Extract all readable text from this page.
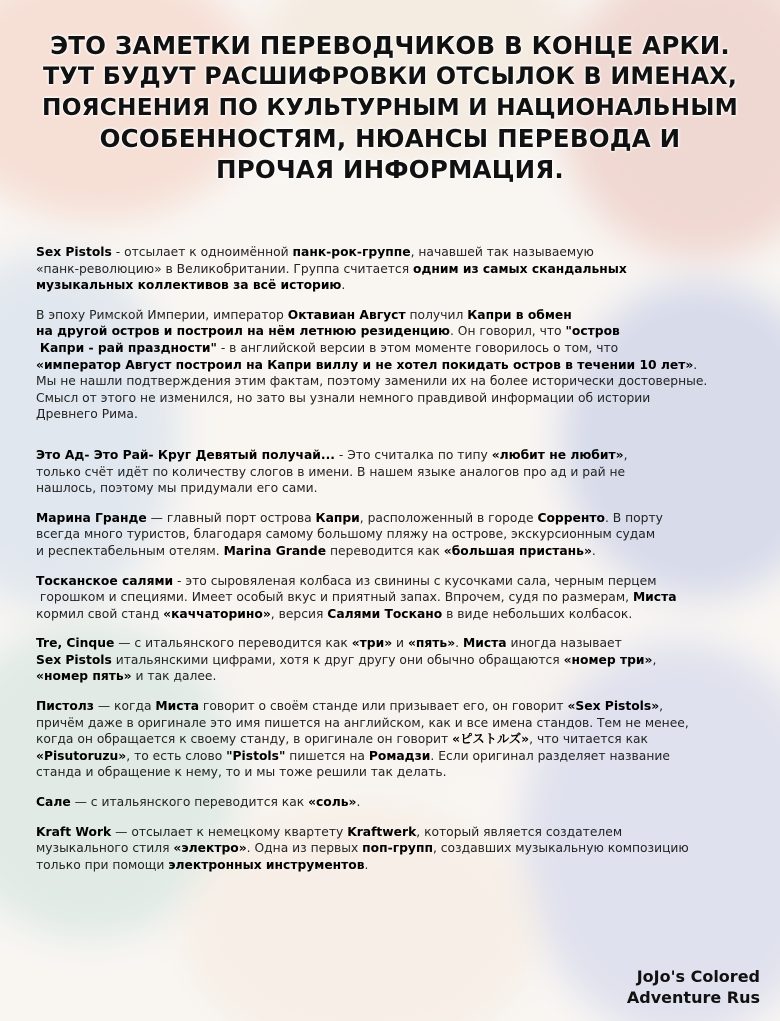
ЭТО ЗАМЕТКИ ПЕРЕВОДЧИКОВ В КОНЦЕ АРКИ.
ТУТ БУДУТ РАСШИФРОВКИ ОТСЫЛОК В ИМЕНАХ,
ПОЯСНЕНИЯ ПО КУЛЬТУРНЫМ И НАЦИОНАЛЬНЫМ
ОСОБЕННОСТЯМ, НЮАНСЫ ПЕРЕВОДА И
ПРОЧАЯ ИНФОРМАЦИЯ.
Sex Pistols - отсылает к одноимённой панк-рок-группе, начавшей так называемую
«панк-революцию» в Великобритании. Группа считается одним из самых скандальных
музыкальных коллективов за всё историю.
В эпоху Римской Империи, император Октавиан Август получил Капри в обмен
на другой остров и построил на нём летнюю резиденцию. Он говорил, что "остров
Капри - рай праздности" - в английской версии в этом моменте говорилось о том, что
«император Август построил на Капри виллу и не хотел покидать остров в течении 10 лет».
Мы не нашли подтверждения этим фактам, поэтому заменили их на более исторически достоверные.
Смысл от этого не изменился, но зато вы узнали немного правдивой информации об истории
Древнего Рима.
Это Ад- Это Рай- Круг Девятый получай... - Это считалка по типу «любит не любит»,
только счёт идёт по количеству слогов в имени. В нашем языке аналогов про ад и рай не
нашлось, поэтому мы придумали его сами.
Марина Гранде — главный порт острова Капри, расположенный в городе Сорренто. В порту
всегда много туристов, благодаря самому большому пляжу на острове, экскурсионным судам
и респектабельным отелям. Marina Grande переводится как «большая пристань».
Тосканское салями - это сыровяленая колбаса из свинины с кусочками сала, черным перцем
горошком и специями. Имеет особый вкус и приятный запах. Впрочем, судя по размерам, Миста
кормил свой станд «каччаторино», версия Салями Тоскано в виде небольших колбасок.
Tre, Cinque — с итальянского переводится как «три» и «пять». Миста иногда называет
Sex Pistols итальянскими цифрами, хотя к друг другу они обычно обращаются «номер три»,
«номер пять» и так далее.
Пистолз — когда Миста говорит о своём станде или призывает его, он говорит «Sex Pistols»,
причём даже в оригинале это имя пишется на английском, как и все имена стандов. Тем не менее,
когда он обращается к своему станду, в оригинале он говорит «ピストルズ», что читается как
«Pisutoruzu», то есть слово "Pistols" пишется на Ромадзи. Если оригинал разделяет название
станда и обращение к нему, то и мы тоже решили так делать.
Сале — с итальянского переводится как «соль».
Kraft Work — отсылает к немецкому квартету Kraftwerk, который является создателем
музыкального стиля «электро». Одна из первых поп-групп, создавших музыкальную композицию
только при помощи электронных инструментов.
JoJo's Colored
Adventure Rus
